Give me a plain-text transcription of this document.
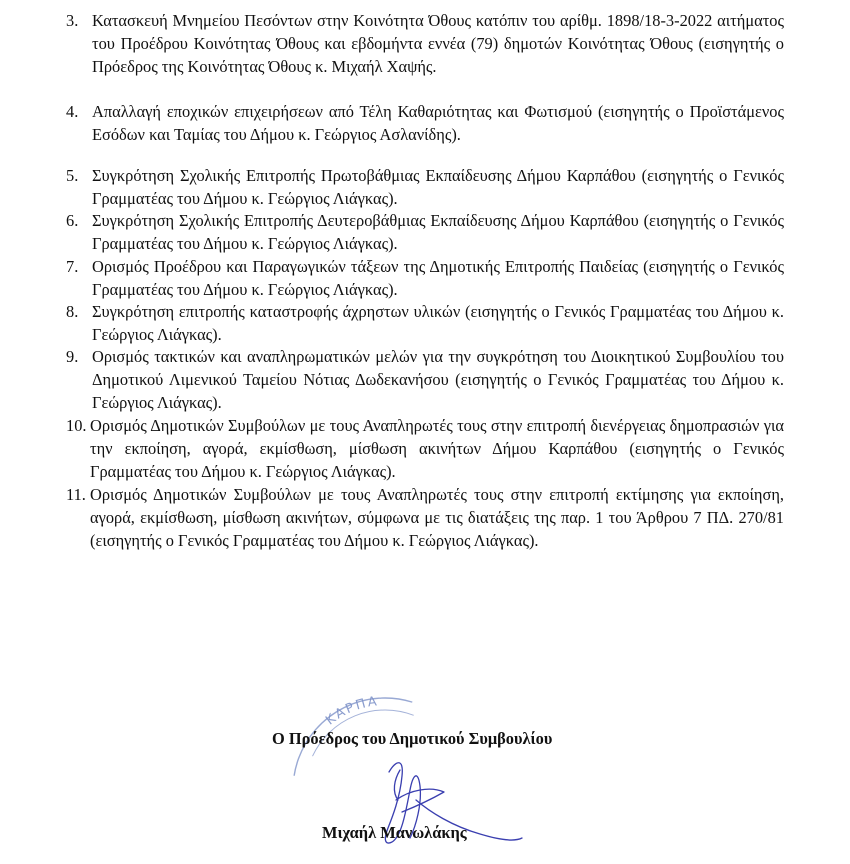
3. Κατασκευή Μνημείου Πεσόντων στην Κοινότητα Όθους κατόπιν του αρίθμ. 1898/18-3-2022 αιτήματος του Προέδρου Κοινότητας Όθους και εβδομήντα εννέα (79) δημοτών Κοινότητας Όθους (εισηγητής ο Πρόεδρος της Κοινότητας Όθους κ. Μιχαήλ Χαψής.
4. Απαλλαγή εποχικών επιχειρήσεων από Τέλη Καθαριότητας και Φωτισμού (εισηγητής ο Προϊστάμενος Εσόδων και Ταμίας του Δήμου κ. Γεώργιος Ασλανίδης).
5. Συγκρότηση Σχολικής Επιτροπής Πρωτοβάθμιας Εκπαίδευσης Δήμου Καρπάθου (εισηγητής ο Γενικός Γραμματέας του Δήμου κ. Γεώργιος Λιάγκας).
6. Συγκρότηση Σχολικής Επιτροπής Δευτεροβάθμιας Εκπαίδευσης Δήμου Καρπάθου (εισηγητής ο Γενικός Γραμματέας του Δήμου κ. Γεώργιος Λιάγκας).
7. Ορισμός Προέδρου και Παραγωγικών τάξεων της Δημοτικής Επιτροπής Παιδείας (εισηγητής ο Γενικός Γραμματέας του Δήμου κ. Γεώργιος Λιάγκας).
8. Συγκρότηση επιτροπής καταστροφής άχρηστων υλικών (εισηγητής ο Γενικός Γραμματέας του Δήμου κ. Γεώργιος Λιάγκας).
9. Ορισμός τακτικών και αναπληρωματικών μελών για την συγκρότηση του Διοικητικού Συμβουλίου του Δημοτικού Λιμενικού Ταμείου Νότιας Δωδεκανήσου (εισηγητής ο Γενικός Γραμματέας του Δήμου κ. Γεώργιος Λιάγκας).
10. Ορισμός Δημοτικών Συμβούλων με τους Αναπληρωτές τους στην επιτροπή διενέργειας δημοπρασιών για την εκποίηση, αγορά, εκμίσθωση, μίσθωση ακινήτων Δήμου Καρπάθου (εισηγητής ο Γενικός Γραμματέας του Δήμου κ. Γεώργιος Λιάγκας).
11. Ορισμός Δημοτικών Συμβούλων με τους Αναπληρωτές τους στην επιτροπή εκτίμησης για εκποίηση, αγορά, εκμίσθωση, μίσθωση ακινήτων, σύμφωνα με τις διατάξεις της παρ. 1 του Άρθρου 7 ΠΔ. 270/81 (εισηγητής ο Γενικός Γραμματέας του Δήμου κ. Γεώργιος Λιάγκας).
ΚΑΡΠΑ
Ο Πρόεδρος του Δημοτικού Συμβουλίου
Μιχαήλ Μανωλάκης
